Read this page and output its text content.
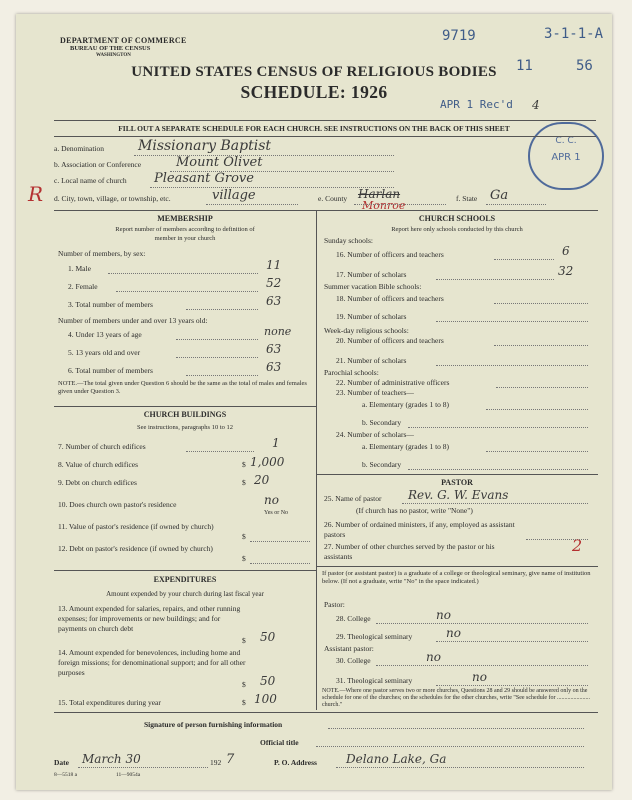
DEPARTMENT OF COMMERCE
BUREAU OF THE CENSUS
WASHINGTON
9719	3-1-1-A
11	56
UNITED STATES CENSUS OF RELIGIOUS BODIES
SCHEDULE: 1926
APR 1 Rec'd 4
C. C.
APR 1
FILL OUT A SEPARATE SCHEDULE FOR EACH CHURCH. SEE INSTRUCTIONS ON THE BACK OF THIS SHEET
a. Denomination Missionary Baptist
b. Association or Conference	Mount Olivet
c. Local name of church Pleasant Grove
R d. City, town, village, or township, etc.	village	e. County Harlan
Monroe
f. State Ga
MEMBERSHIP
Report number of members according to definition of
member in your church
Number of members, by sex:
1. Male	11
2. Female	52
3. Total number of members	63
Number of members under and over 13 years old:
4. Under 13 years of age	none
5. 13 years old and over	63
6. Total number of members	63
NOTE.—The total given under Question 6 should be the same as the total of males and females given under Question 3.
CHURCH BUILDINGS
See instructions, paragraphs 10 to 12
7. Number of church edifices	1
8. Value of church edifices	$ 1,000
9. Debt on church edifices	$ 20
10. Does church own pastor's residence	no
Yes or No
11. Value of pastor's residence (if owned by church)
$
12. Debt on pastor's residence (if owned by church)
$
EXPENDITURES
Amount expended by your church during last fiscal year
13. Amount expended for salaries, repairs, and other running expenses; for improvements or new buildings; and for payments on church debt
$ 50
14. Amount expended for benevolences, including home and foreign missions; for denominational support; and for all other purposes
$ 50
15. Total expenditures during year	$ 100
CHURCH SCHOOLS
Report here only schools conducted by this church
Sunday schools:
16. Number of officers and teachers	6
17. Number of scholars	32
Summer vacation Bible schools:
18. Number of officers and teachers
19. Number of scholars
Week-day religious schools:
20. Number of officers and teachers
21. Number of scholars
Parochial schools:
22. Number of administrative officers
23. Number of teachers—
a. Elementary (grades 1 to 8)
b. Secondary
24. Number of scholars—
a. Elementary (grades 1 to 8)
b. Secondary
PASTOR
25. Name of pastor Rev. G. W. Evans
(If church has no pastor, write "None")
26. Number of ordained ministers, if any, employed as assistant pastors
27. Number of other churches served by the pastor or his assistants
2
If pastor (or assistant pastor) is a graduate of a college or theological seminary, give name of institution below. (If not a graduate, write "No" in the space indicated.)
Pastor:
28. College	no
29. Theological seminary	no
Assistant pastor:
30. College	no
31. Theological seminary	no
NOTE.—Where one pastor serves two or more churches, Questions 28 and 29 should be answered only on the schedule for one of the churches; on the schedules for the other churches, write "See schedule for ...................... church."
Signature of person furnishing information
Official title
Date March 30	192 7	P. O. Address Delano Lake, Ga
8—5518 a	11—9054a
